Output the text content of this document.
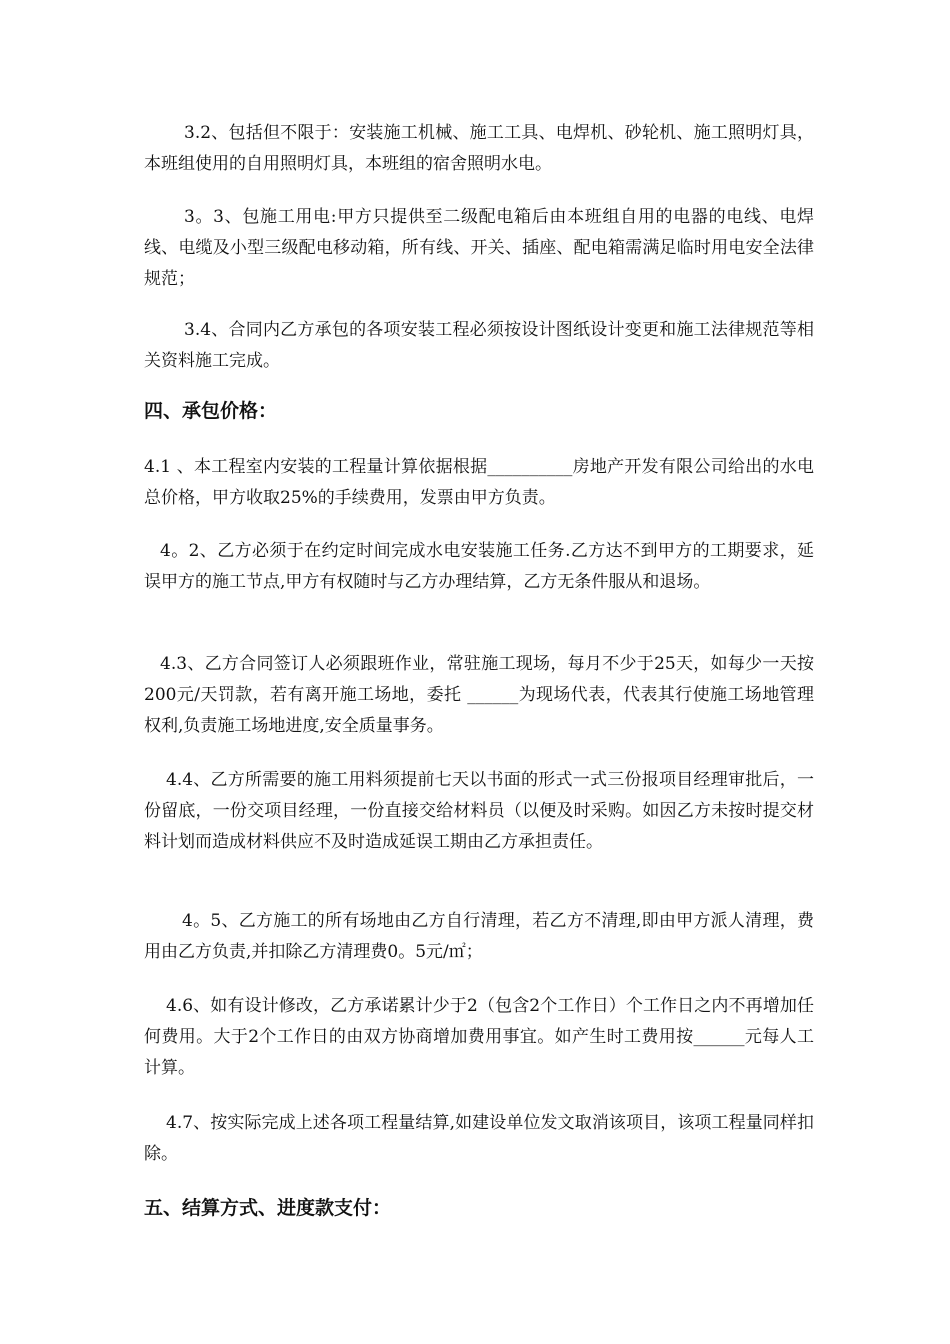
3.2、包括但不限于：安装施工机械、施工工具、电焊机、砂轮机、施工照明灯具，本班组使用的自用照明灯具，本班组的宿舍照明水电。

3。3、包施工用电:甲方只提供至二级配电箱后由本班组自用的电器的电线、电焊线、电缆及小型三级配电移动箱，所有线、开关、插座、配电箱需满足临时用电安全法律规范；

3.4、合同内乙方承包的各项安装工程必须按设计图纸设计变更和施工法律规范等相关资料施工完成。

四、承包价格：

4.1 、本工程室内安装的工程量计算依据根据__________房地产开发有限公司给出的水电总价格，甲方收取25%的手续费用，发票由甲方负责。

4。2、乙方必须于在约定时间完成水电安装施工任务.乙方达不到甲方的工期要求，延误甲方的施工节点,甲方有权随时与乙方办理结算，乙方无条件服从和退场。

4.3、乙方合同签订人必须跟班作业，常驻施工现场，每月不少于25天，如每少一天按200元/天罚款，若有离开施工场地，委托 ______为现场代表，代表其行使施工场地管理权利,负责施工场地进度,安全质量事务。

4.4、乙方所需要的施工用料须提前七天以书面的形式一式三份报项目经理审批后，一份留底，一份交项目经理，一份直接交给材料员（以便及时采购。如因乙方未按时提交材料计划而造成材料供应不及时造成延误工期由乙方承担责任。

4。5、乙方施工的所有场地由乙方自行清理，若乙方不清理,即由甲方派人清理，费用由乙方负责,并扣除乙方清理费0。5元/㎡；

4.6、如有设计修改，乙方承诺累计少于2（包含2个工作日）个工作日之内不再增加任何费用。大于2个工作日的由双方协商增加费用事宜。如产生时工费用按______元每人工计算。

4.7、按实际完成上述各项工程量结算,如建设单位发文取消该项目，该项工程量同样扣除。

五、结算方式、进度款支付：
